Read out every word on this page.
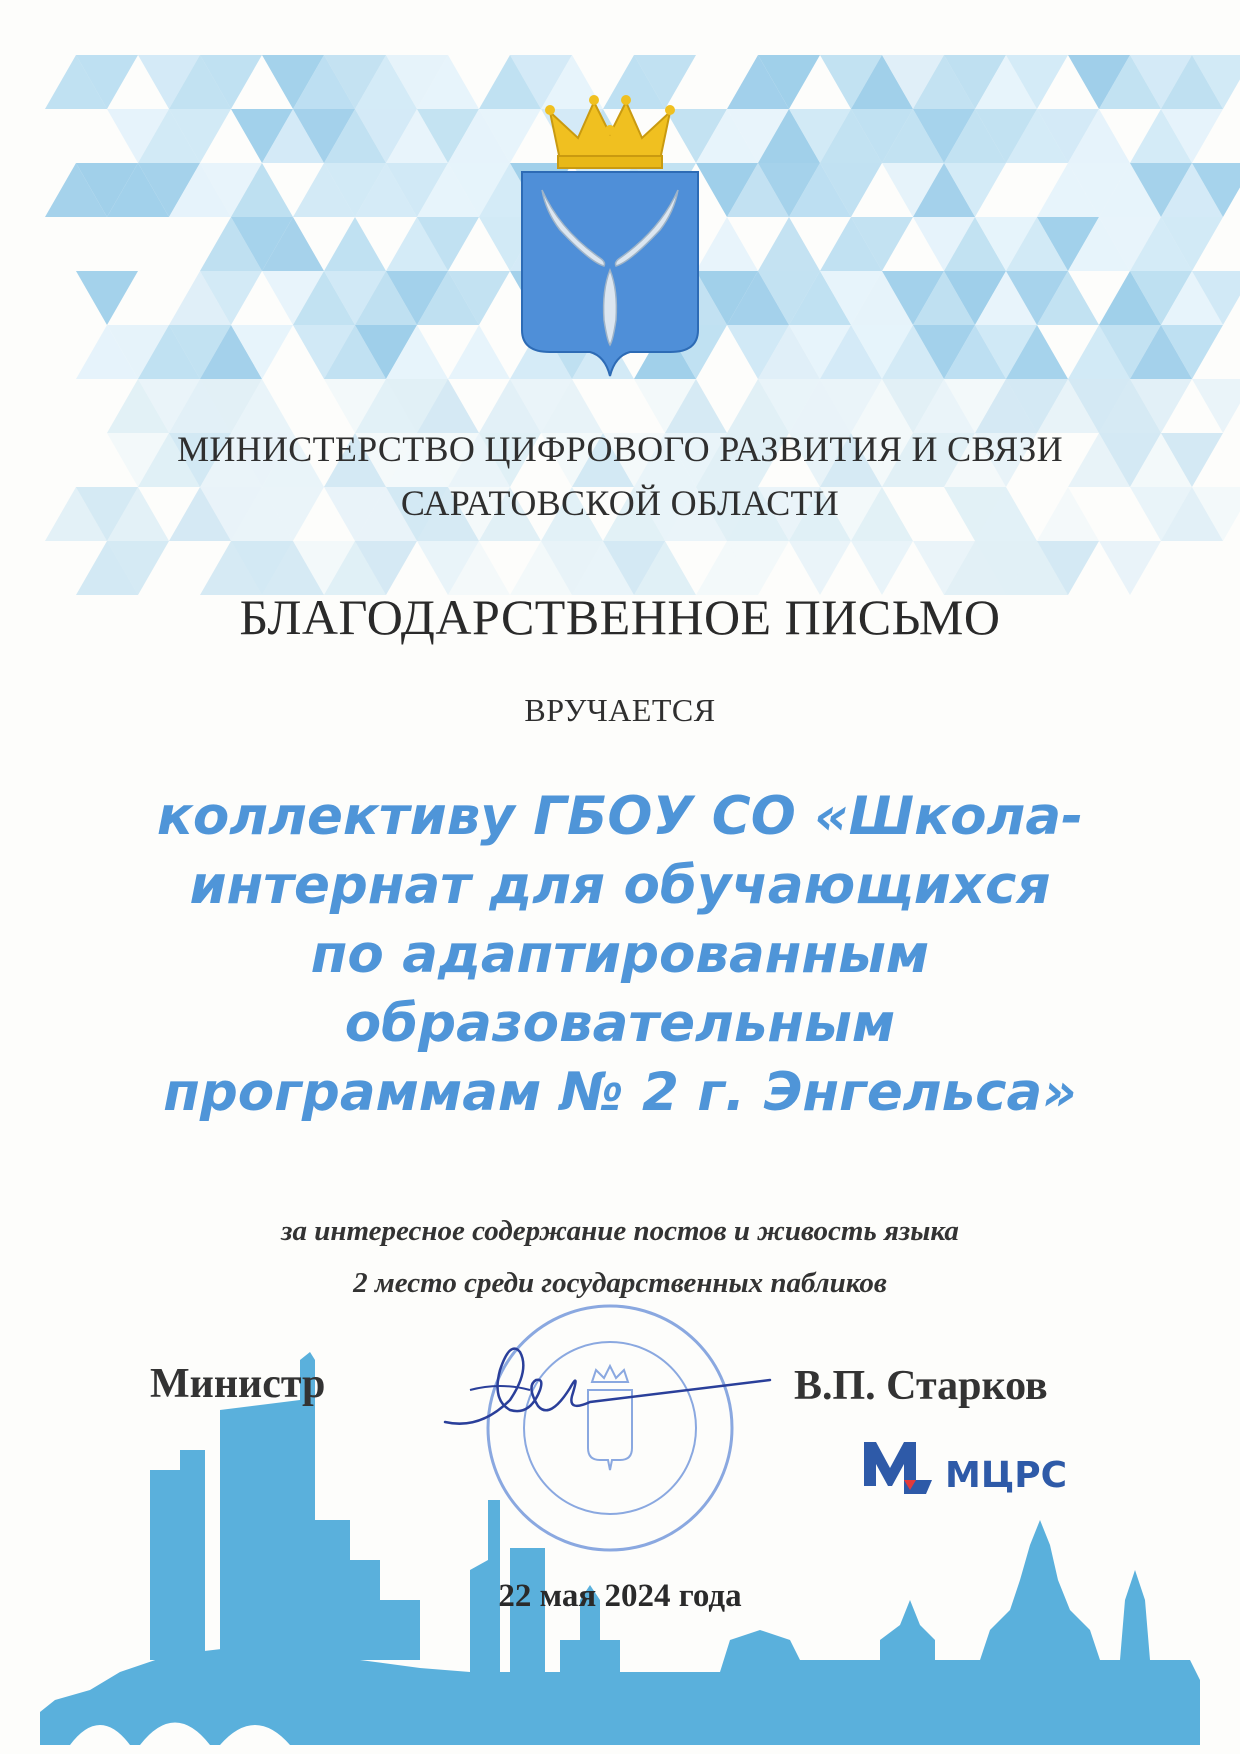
МИНИСТЕРСТВО ЦИФРОВОГО РАЗВИТИЯ И СВЯЗИ
САРАТОВСКОЙ ОБЛАСТИ
БЛАГОДАРСТВЕННОЕ ПИСЬМО
ВРУЧАЕТСЯ
коллективу ГБОУ СО «Школа-
интернат для обучающихся
по адаптированным
образовательным
программам № 2 г. Энгельса»
за интересное содержание постов и живость языка
2 место среди государственных пабликов
Министр	В.П. Старков
МЦРС
22 мая 2024 года
